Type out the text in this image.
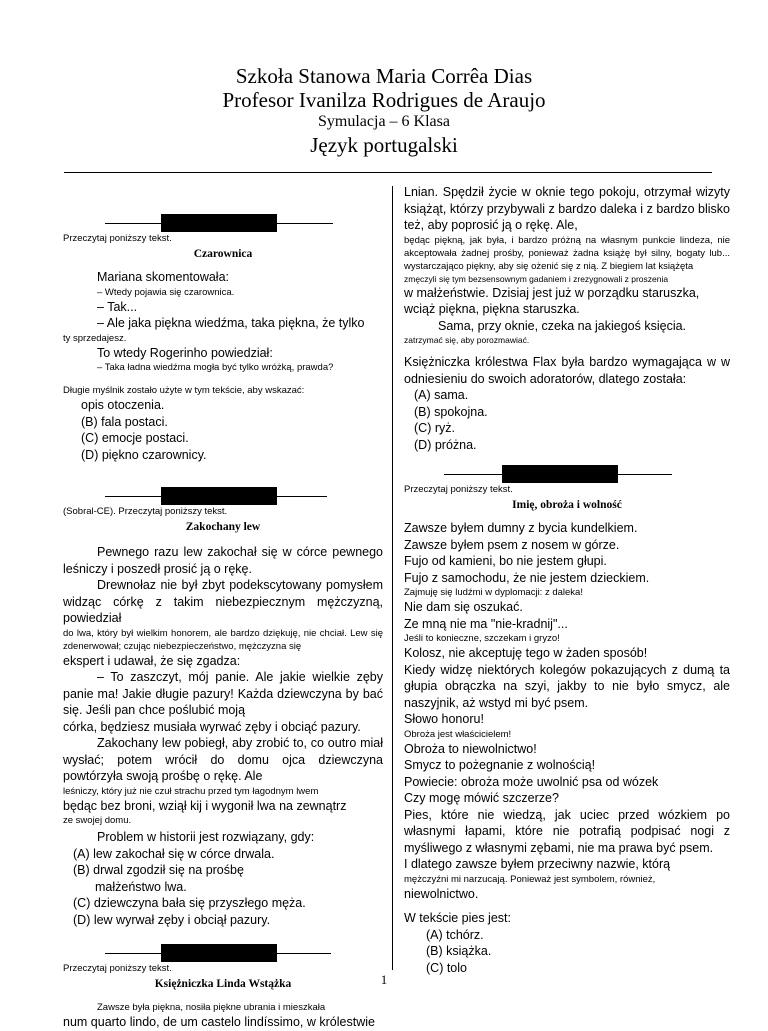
Szkoła Stanowa Maria Corrêa Dias
Profesor Ivanilza Rodrigues de Araujo
Symulacja – 6 Klasa
Język portugalski

Przeczytaj poniższy tekst.

Czarownica

Mariana skomentowała:

– Wtedy pojawia się czarownica.

– Tak...

– Ale jaka piękna wiedźma, taka piękna, że tylko

ty sprzedajesz.

To wtedy Rogerinho powiedział:

– Taka ładna wiedźma mogła być tylko wróżką, prawda?

Długie myślnik zostało użyte w tym tekście, aby wskazać:

opis otoczenia.

(B) fala postaci.

(C) emocje postaci.

(D) piękno czarownicy.

(Sobral-CE). Przeczytaj poniższy tekst.

Zakochany lew

Pewnego razu lew zakochał się w córce pewnego leśniczy i poszedł prosić ją o rękę.

Drewnołaz nie był zbyt podekscytowany pomysłem widząc córkę z takim niebezpiecznym mężczyzną, powiedział

do lwa, który był wielkim honorem, ale bardzo dziękuję, nie chciał. Lew się zdenerwował; czując niebezpieczeństwo, mężczyzna się

ekspert i udawał, że się zgadza:

– To zaszczyt, mój panie. Ale jakie wielkie zęby panie ma! Jakie długie pazury! Każda dziewczyna by bać się. Jeśli pan chce poślubić moją

córka, będziesz musiała wyrwać zęby i obciąć pazury.

Zakochany lew pobiegł, aby zrobić to, co outro miał wysłać; potem wrócił do domu ojca dziewczyna powtórzyła swoją prośbę o rękę. Ale

leśniczy, który już nie czuł strachu przed tym łagodnym lwem

będąc bez broni, wziął kij i wygonił lwa na zewnątrz

ze swojej domu.

Problem w historii jest rozwiązany, gdy:

(A) lew zakochał się w córce drwala.

(B) drwal zgodził się na prośbę

małżeństwo lwa.

(C) dziewczyna bała się przyszłego męża.

(D) lew wyrwał zęby i obciął pazury.

Przeczytaj poniższy tekst.

Księżniczka Linda Wstążka

Zawsze była piękna, nosiła piękne ubrania i mieszkała

num quarto lindo, de um castelo lindíssimo, w królestwie

Lnian. Spędził życie w oknie tego pokoju, otrzymał wizyty książąt, którzy przybywali z bardzo daleka i z bardzo blisko też, aby poprosić ją o rękę. Ale,

będąc piękną, jak była, i bardzo próżną na własnym punkcie lindeza, nie akceptowała żadnej prośby, ponieważ żadna książę był silny, bogaty lub... wystarczająco piękny, aby się ożenić się z nią. Z biegiem lat książęta

zmęczyli się tym bezsensownym gadaniem i zrezygnowali z proszenia

w małżeństwie. Dzisiaj jest już w porządku staruszka, wciąż piękna, piękna staruszka.

Sama, przy oknie, czeka na jakiegoś księcia.

zatrzymać się, aby porozmawiać.

Księżniczka królestwa Flax była bardzo wymagająca w w odniesieniu do swoich adoratorów, dlatego została:

(A) sama.

(B) spokojna.

(C) ryż.

(D) próżna.

Przeczytaj poniższy tekst.

Imię, obroża i wolność

Zawsze byłem dumny z bycia kundelkiem.

Zawsze byłem psem z nosem w górze.

Fujo od kamieni, bo nie jestem głupi.

Fujo z samochodu, że nie jestem dzieckiem.

Zajmuję się ludźmi w dyplomacji: z daleka!

Nie dam się oszukać.

Ze mną nie ma "nie-kradnij"...

Jeśli to konieczne, szczekam i gryzo!

Kolosz, nie akceptuję tego w żaden sposób!

Kiedy widzę niektórych kolegów pokazujących z dumą ta głupia obrączka na szyi, jakby to nie było smycz, ale naszyjnik, aż wstyd mi być psem.

Słowo honoru!

Obroża jest właścicielem!

Obroża to niewolnictwo!

Smycz to pożegnanie z wolnością!

Powiecie: obroża może uwolnić psa od wózek

Czy mogę mówić szczerze?

Pies, które nie wiedzą, jak uciec przed wózkiem po własnymi łapami, które nie potrafią podpisać nogi z myśliwego z własnymi zębami, nie ma prawa być psem.

I dlatego zawsze byłem przeciwny nazwie, którą

mężczyźni mi narzucają. Ponieważ jest symbolem, również,

niewolnictwo.

W tekście pies jest:

(A) tchórz.

(B) książka.

(C) tolo

1
